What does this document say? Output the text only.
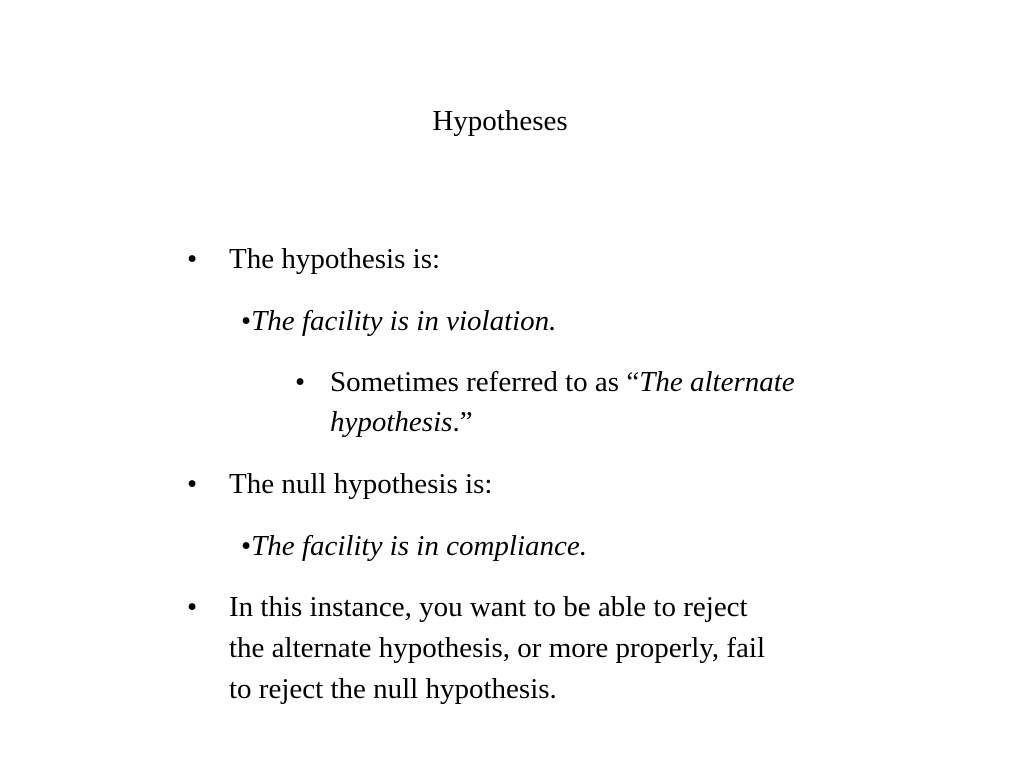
Hypotheses
• The hypothesis is:
•The facility is in violation.
• Sometimes referred to as “The alternate
hypothesis.”
• The null hypothesis is:
•The facility is in compliance.
• In this instance, you want to be able to reject
the alternate hypothesis, or more properly, fail
to reject the null hypothesis.
